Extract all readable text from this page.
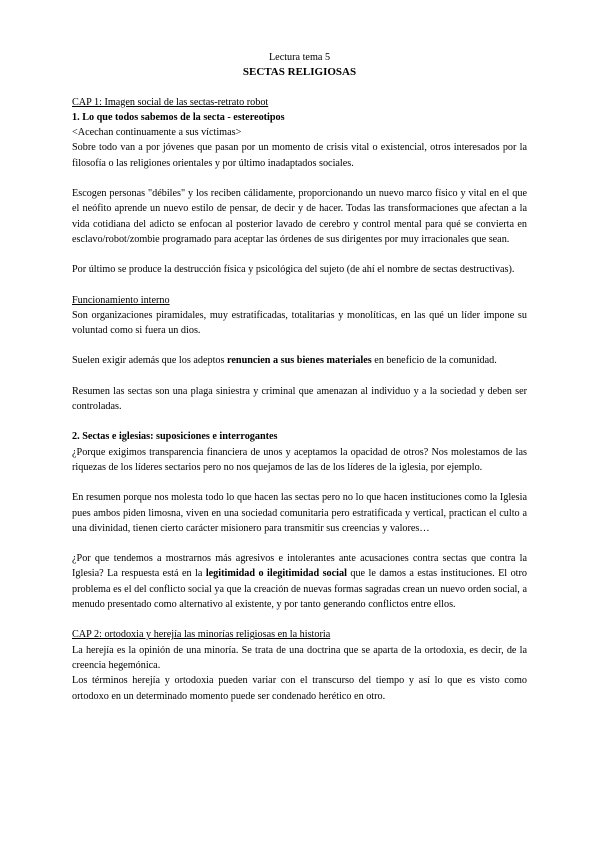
Lectura tema 5
SECTAS RELIGIOSAS
CAP 1: Imagen social de las sectas-retrato robot
1. Lo que todos sabemos de la secta - estereotipos
<Acechan continuamente a sus víctimas>

Sobre todo van a por jóvenes que pasan por un momento de crisis vital o existencial, otros interesados por la filosofía o las religiones orientales y por último inadaptados sociales.

Escogen personas "débiles" y los reciben cálidamente, proporcionando un nuevo marco físico y vital en el que el neófito aprende un nuevo estilo de pensar, de decir y de hacer. Todas las transformaciones que afectan a la vida cotidiana del adicto se enfocan al posterior lavado de cerebro y control mental para qué se convierta en esclavo/robot/zombie programado para aceptar las órdenes de sus dirigentes por muy irracionales que sean.

Por último se produce la destrucción física y psicológica del sujeto (de ahí el nombre de sectas destructivas).

Funcionamiento interno

Son organizaciones piramidales, muy estratificadas, totalitarias y monolíticas, en las qué un líder impone su voluntad como si fuera un dios.

Suelen exigir además que los adeptos renuncien a sus bienes materiales en beneficio de la comunidad.

Resumen las sectas son una plaga siniestra y criminal que amenazan al individuo y a la sociedad y deben ser controladas.

2. Sectas e iglesias: suposiciones e interrogantes

¿Porque exigimos transparencia financiera de unos y aceptamos la opacidad de otros? Nos molestamos de las riquezas de los líderes sectarios pero no nos quejamos de las de los líderes de la iglesia, por ejemplo.

En resumen porque nos molesta todo lo que hacen las sectas pero no lo que hacen instituciones como la Iglesia pues ambos piden limosna, viven en una sociedad comunitaria pero estratificada y vertical, practican el culto a una divinidad, tienen cierto carácter misionero para transmitir sus creencias y valores…

¿Por que tendemos a mostrarnos más agresivos e intolerantes ante acusaciones contra sectas que contra la Iglesia? La respuesta está en la legitimidad o ilegitimidad social que le damos a estas instituciones. El otro problema es el del conflicto social ya que la creación de nuevas formas sagradas crean un nuevo orden social, a menudo presentado como alternativo al existente, y por tanto generando conflictos entre ellos.

CAP 2: ortodoxia y herejía las minorías religiosas en la historia

La herejía es la opinión de una minoría. Se trata de una doctrina que se aparta de la ortodoxia, es decir, de la creencia hegemónica.

Los términos herejía y ortodoxia pueden variar con el transcurso del tiempo y así lo que es visto como ortodoxo en un determinado momento puede ser condenado herético en otro.
